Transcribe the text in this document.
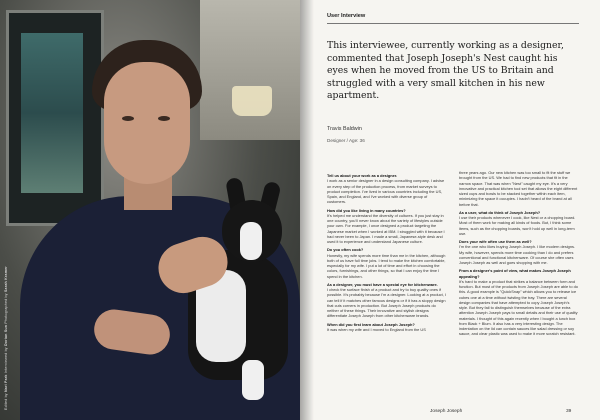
Edited by Nari Park Interviewed by Dorian Sun Photographed by Sarah Kramer
User Interview
This interviewee, currently working as a designer, commented that Joseph Joseph's Nest caught his eyes when he moved from the US to Britain and struggled with a very small kitchen in his new apartment.
Travis Baldwin
Designer / Age: 36
Tell us about your work as a designer.

I work as a senior designer in a design consulting company. I advise on every step of the production process, from market surveys to product completion. I've lived in various countries including the US, Spain, and England, and I've worked with diverse group of customers.

How did you like living in many countries?

It's helped me understand the diversity of cultures. If you just stay in one country, you'll never know about the variety of lifestyles outside your own. For example, I once designed a product targeting the Japanese market when I worked at IBM. I struggled with it because I had never been to Japan. I made a small, Japanese-style desk and used it to experience and understand Japanese culture.

Do you often cook?

Honestly, my wife spends more time than me in the kitchen, although both of us have full time jobs. I tend to make the kitchen comfortable, especially for my wife. I put a lot of time and effort in choosing the colors, furnishings, and other things, so that I can enjoy the time I spend in the kitchen.

As a designer, you must have a special eye for kitchenware.

I check the surface finish of a product and try to buy quality ones if possible. It's probably because I'm a designer. Looking at a product, I can tell if it matches other famous designs or if it has a sloppy design that cuts corners in production. But Joseph Joseph products do neither of these things. Their innovative and stylish designs differentiate Joseph Joseph from other kitchenware brands.

When did you first learn about Joseph Joseph?

It was when my wife and I moved to England from the US

three years ago. Our new kitchen was too small to fit the stuff we brought from the US. We had to find new products that fit in the narrow space. That was when "Nest" caught my eye. It's a very innovative and practical kitchen tool set that allows the eight different sized cups and bowls to be stacked together within each item, minimizing the space it occupies. I hadn't heard of the brand at all before that.

As a user, what do think of Joseph Joseph?

I use their products whenever I cook, like Nest or a chopping board. Most of them work for making all kinds of foods. But, I think some items, such as the chopping boards, won't hold up well in long-term use.

Does your wife often use them as well?

I'm the one who likes buying Joseph Joseph. I like modern designs. My wife, however, spends more time cooking than I do and prefers conventional and functional kitchenware. Of course she often uses Joseph Joseph as well and goes shopping with me.

From a designer's point of view, what makes Joseph Joseph appealing?

It's hard to make a product that strikes a balance between form and function. But most of the products from Joseph Joseph are able to do this. A good example is "QuickSnap" which allows you to release ice cubes one at a time without twisting the tray. There are several design companies that have attempted to copy Joseph Joseph's style. But they fail to distinguish themselves because of the extra attention Joseph Joseph pays to small details and their use of quality materials. I thought of this again recently when I bought a lunch box from Black + Blum. It also has a very interesting design. The indentation on the lid can contain sauces like salad dressing or soy sauce, and clear plastic was used to make it more scratch resistant.

Joseph Joseph	39
